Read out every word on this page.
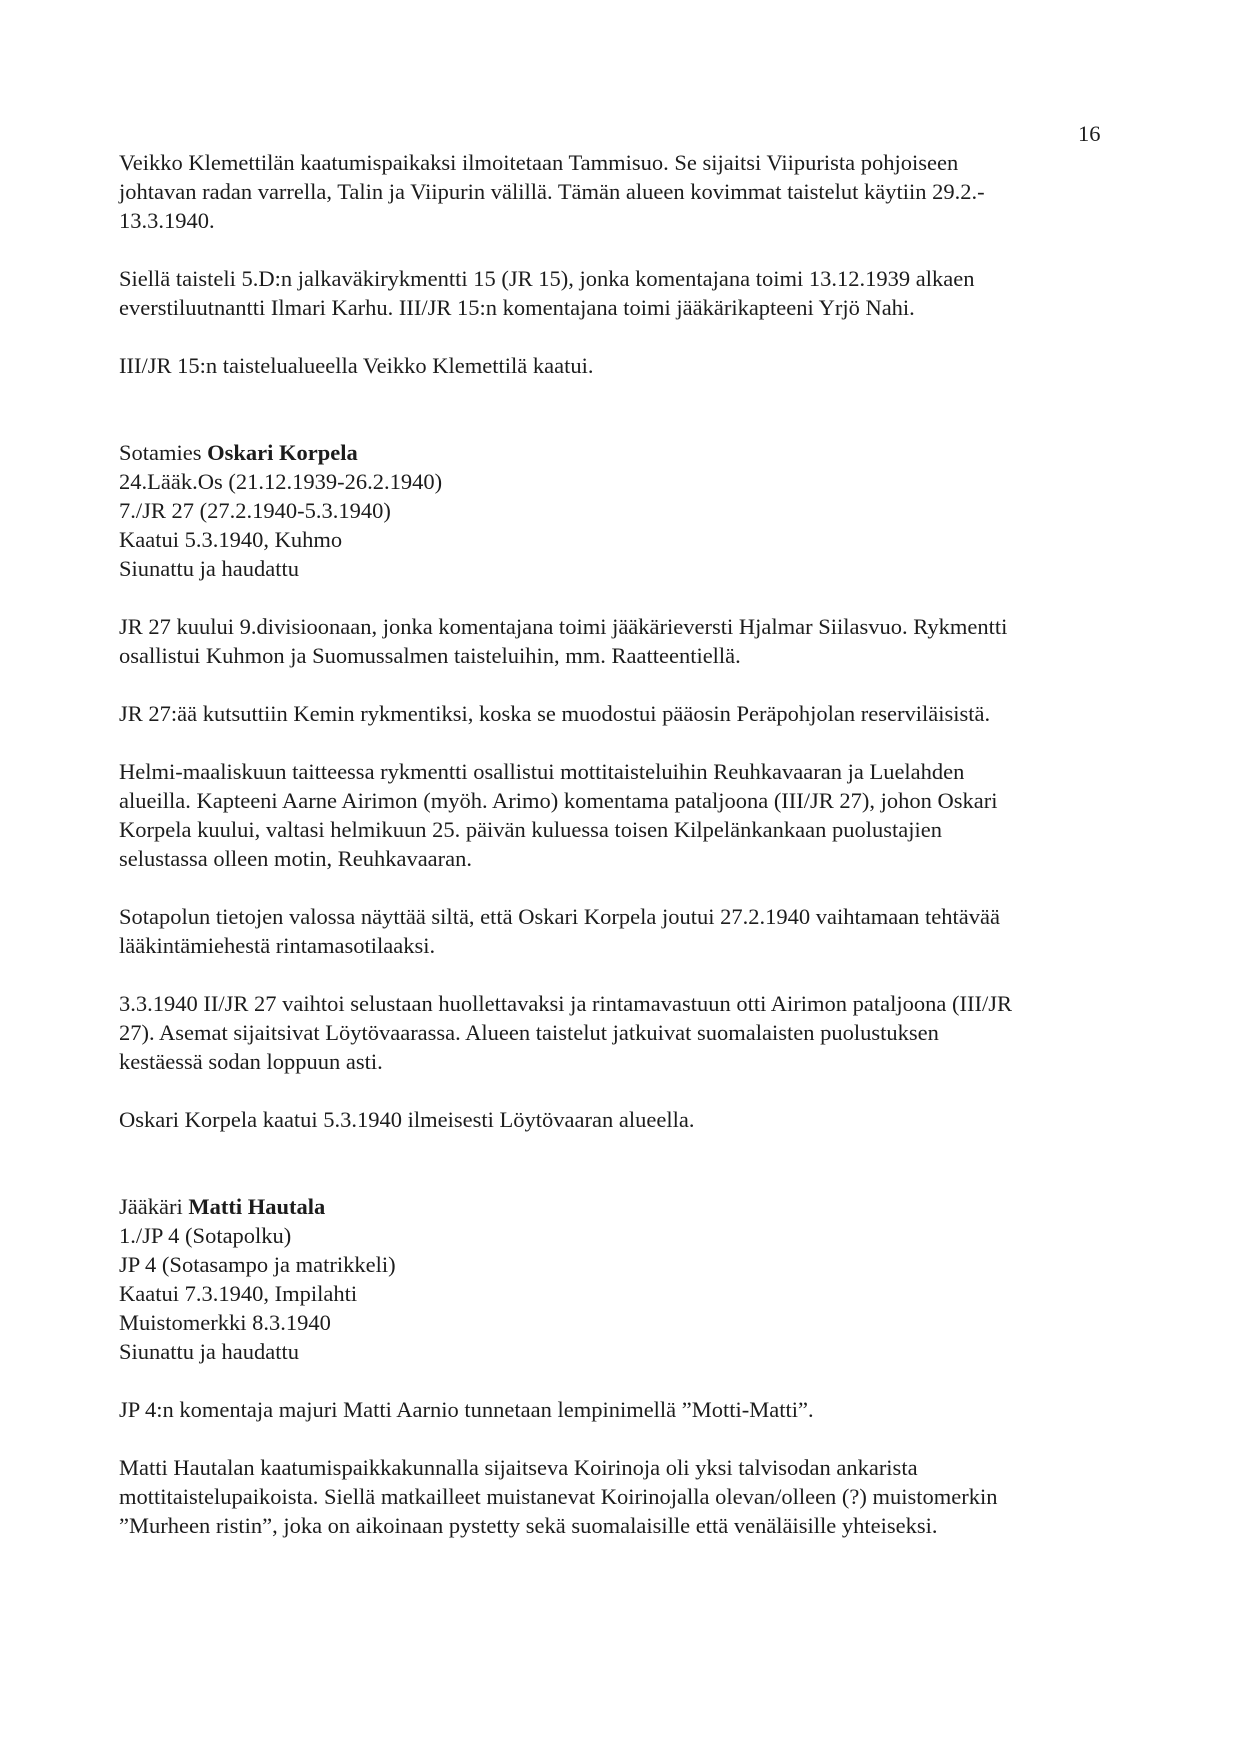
16

Veikko Klemettilän kaatumispaikaksi ilmoitetaan Tammisuo. Se sijaitsi Viipurista pohjoiseen
johtavan radan varrella, Talin ja Viipurin välillä. Tämän alueen kovimmat taistelut käytiin 29.2.-
13.3.1940.

Siellä taisteli 5.D:n jalkaväkirykmentti 15 (JR 15), jonka komentajana toimi 13.12.1939 alkaen
everstiluutnantti Ilmari Karhu. III/JR 15:n komentajana toimi jääkärikapteeni Yrjö Nahi.

III/JR 15:n taistelualueella Veikko Klemettilä kaatui.

Sotamies Oskari Korpela
24.Lääk.Os (21.12.1939-26.2.1940)
7./JR 27 (27.2.1940-5.3.1940)
Kaatui 5.3.1940, Kuhmo
Siunattu ja haudattu

JR 27 kuului 9.divisioonaan, jonka komentajana toimi jääkärieversti Hjalmar Siilasvuo. Rykmentti
osallistui Kuhmon ja Suomussalmen taisteluihin, mm. Raatteentiellä.

JR 27:ää kutsuttiin Kemin rykmentiksi, koska se muodostui pääosin Peräpohjolan reserviläisistä.

Helmi-maaliskuun taitteessa rykmentti osallistui mottitaisteluihin Reuhkavaaran ja Luelahden
alueilla. Kapteeni Aarne Airimon (myöh. Arimo) komentama pataljoona (III/JR 27), johon Oskari
Korpela kuului, valtasi helmikuun 25. päivän kuluessa toisen Kilpelänkankaan puolustajien
selustassa olleen motin, Reuhkavaaran.

Sotapolun tietojen valossa näyttää siltä, että Oskari Korpela joutui 27.2.1940 vaihtamaan tehtävää
lääkintämiehestä rintamasotilaaksi.

3.3.1940 II/JR 27 vaihtoi selustaan huollettavaksi ja rintamavastuun otti Airimon pataljoona (III/JR
27). Asemat sijaitsivat Löytövaarassa. Alueen taistelut jatkuivat suomalaisten puolustuksen
kestäessä sodan loppuun asti.

Oskari Korpela kaatui 5.3.1940 ilmeisesti Löytövaaran alueella.

Jääkäri Matti Hautala
1./JP 4 (Sotapolku)
JP 4 (Sotasampo ja matrikkeli)
Kaatui 7.3.1940, Impilahti
Muistomerkki 8.3.1940
Siunattu ja haudattu

JP 4:n komentaja majuri Matti Aarnio tunnetaan lempinimellä ”Motti-Matti”.

Matti Hautalan kaatumispaikkakunnalla sijaitseva Koirinoja oli yksi talvisodan ankarista
mottitaistelupaikoista. Siellä matkailleet muistanevat Koirinojalla olevan/olleen (?) muistomerkin
”Murheen ristin”, joka on aikoinaan pystetty sekä suomalaisille että venäläisille yhteiseksi.
